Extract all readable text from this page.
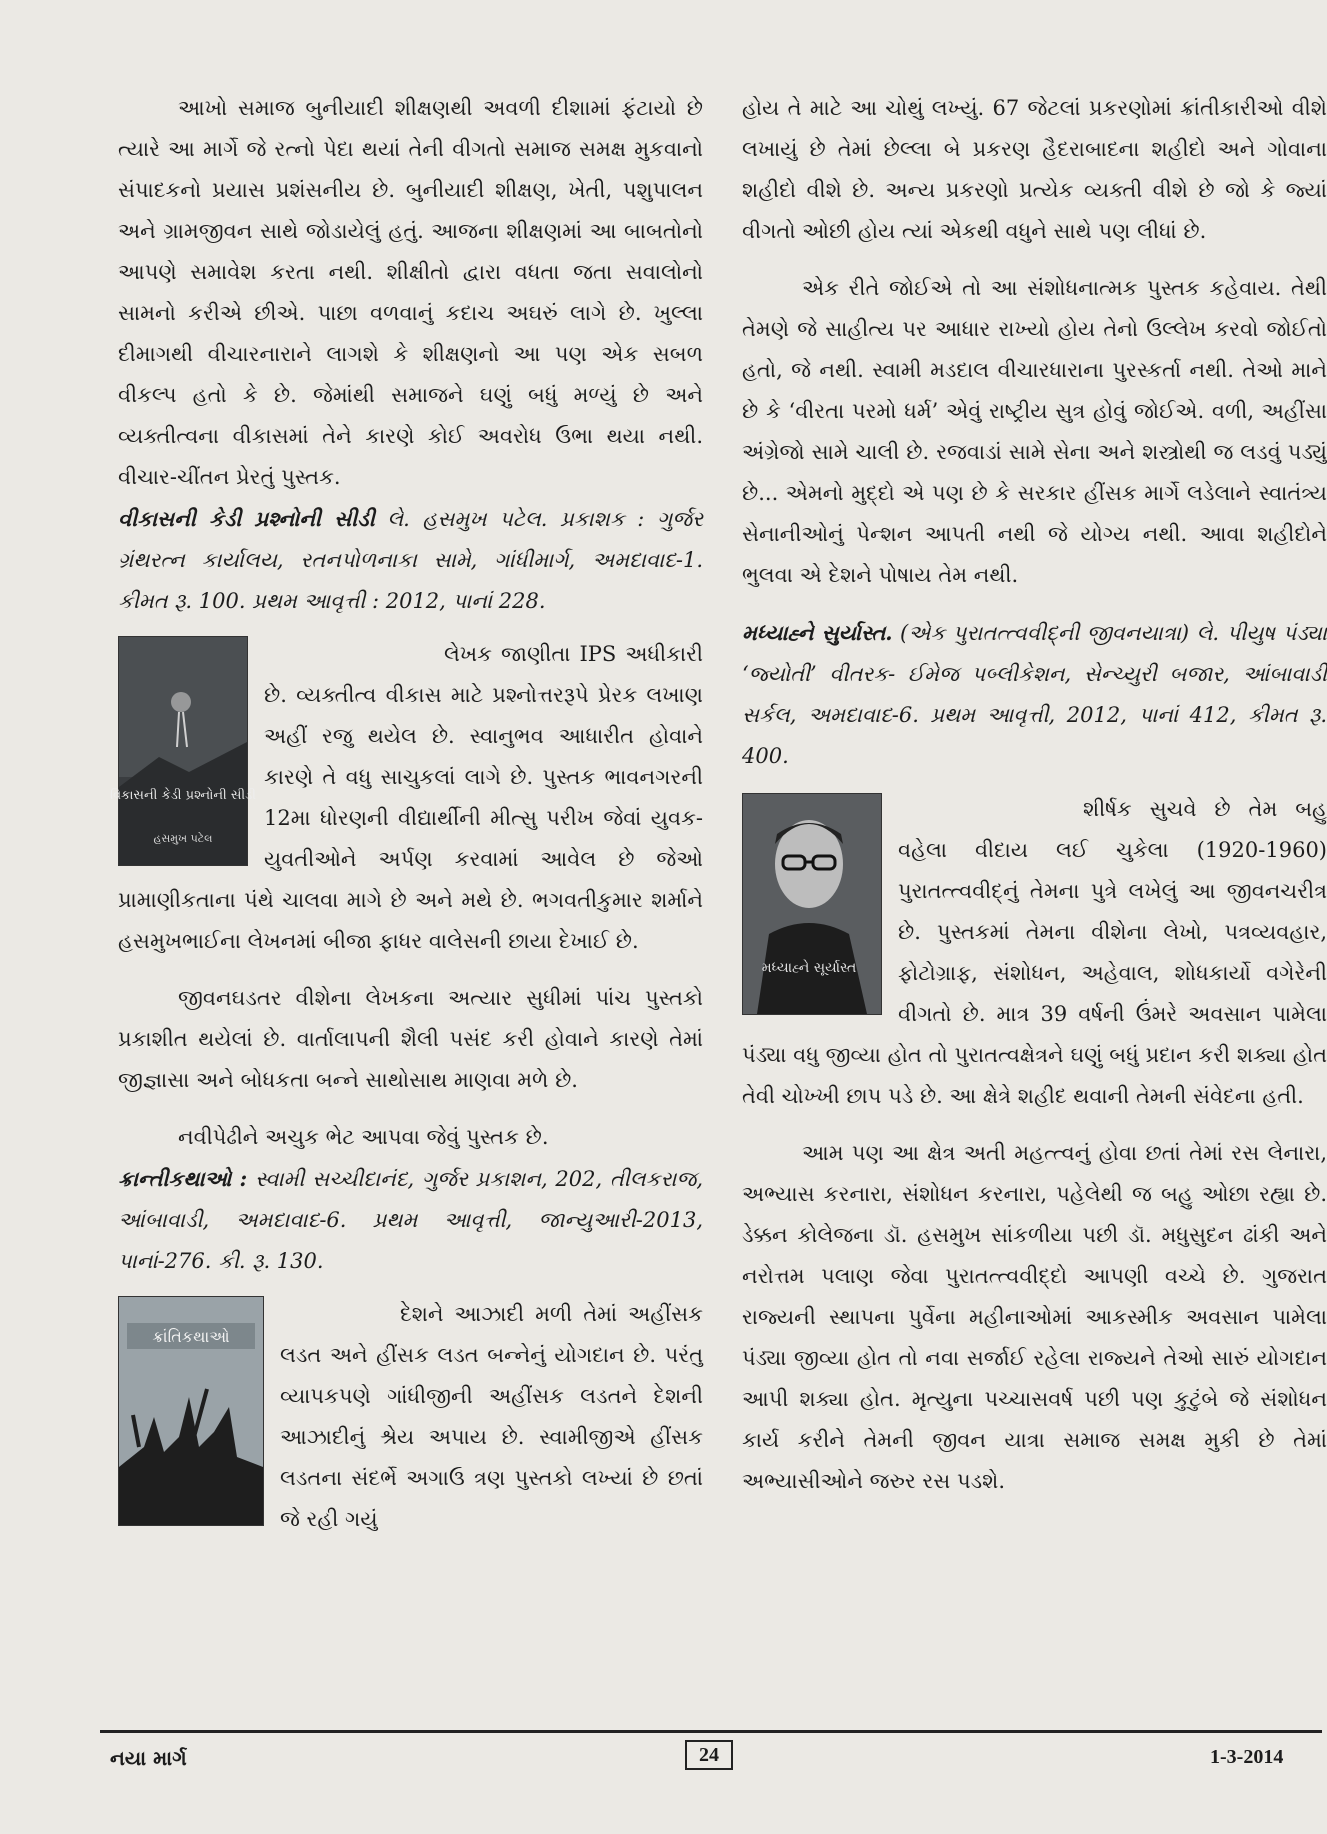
આખો સમાજ બુનીયાદી શીક્ષણથી અવળી દીશામાં ફંટાયો છે ત્યારે આ માર્ગે જે રત્નો પેદા થયાં તેની વીગતો સમાજ સમક્ષ મુકવાનો સંપાદકનો પ્રયાસ પ્રશંસનીય છે. બુનીયાદી શીક્ષણ, ખેતી, પશુપાલન અને ગ્રામજીવન સાથે જોડાયેલું હતું. આજના શીક્ષણમાં આ બાબતોનો આપણે સમાવેશ કરતા નથી. શીક્ષીતો દ્વારા વધતા જતા સવાલોનો સામનો કરીએ છીએ. પાછા વળવાનું કદાચ અઘરું લાગે છે. ખુલ્લા દીમાગથી વીચારનારાને લાગશે કે શીક્ષણનો આ પણ એક સબળ વીકલ્પ હતો કે છે. જેમાંથી સમાજને ઘણું બધું મળ્યું છે અને વ્યક્તીત્વના વીકાસમાં તેને કારણે કોઈ અવરોધ ઉભા થયા નથી. વીચાર-ચીંતન પ્રેરતું પુસ્તક.

વીકાસની કેડી પ્રશ્નોની સીડી લે. હસમુખ પટેલ. પ્રકાશક : ગુર્જર ગ્રંથરત્ન કાર્યાલય, રતનપોળનાકા સામે, ગાંધીમાર્ગ, અમદાવાદ-1. કીમત રૂ. 100. પ્રથમ આવૃત્તી : 2012, પાનાં 228.

વિકાસની કેડી પ્રશ્નોની સીડી
હસમુખ પટેલ

લેખક જાણીતા IPS અધીકારી છે. વ્યક્તીત્વ વીકાસ માટે પ્રશ્નોત્તરરૂપે પ્રેરક લખાણ અહીં રજુ થયેલ છે. સ્વાનુભવ આધારીત હોવાને કારણે તે વધુ સાચુકલાં લાગે છે. પુસ્તક ભાવનગરની 12મા ધોરણની વીદ્યાર્થીની મીત્સુ પરીખ જેવાં યુવક-યુવતીઓને અર્પણ કરવામાં આવેલ છે જેઓ પ્રામાણીકતાના પંથે ચાલવા માગે છે અને મથે છે. ભગવતીકુમાર શર્માને હસમુખભાઈના લેખનમાં બીજા ફાધર વાલેસની છાયા દેખાઈ છે.

જીવનઘડતર વીશેના લેખકના અત્યાર સુધીમાં પાંચ પુસ્તકો પ્રકાશીત થયેલાં છે. વાર્તાલાપની શૈલી પસંદ કરી હોવાને કારણે તેમાં જીજ્ઞાસા અને બોધકતા બન્ને સાથોસાથ માણવા મળે છે.

નવીપેઢીને અચુક ભેટ આપવા જેવું પુસ્તક છે.

ક્રાન્તીકથાઓ : સ્વામી સચ્ચીદાનંદ, ગુર્જર પ્રકાશન, 202, તીલકરાજ, આંબાવાડી, અમદાવાદ-6. પ્રથમ આવૃત્તી, જાન્યુઆરી-2013, પાનાં-276. કી. રૂ. 130.

ક્રાંતિકથાઓ

દેશને આઝાદી મળી તેમાં અહીંસક લડત અને હીંસક લડત બન્નેનું યોગદાન છે. પરંતુ વ્યાપકપણે ગાંધીજીની અહીંસક લડતને દેશની આઝાદીનું શ્રેય અપાય છે. સ્વામીજીએ હીંસક લડતના સંદર્ભે અગાઉ ત્રણ પુસ્તકો લખ્યાં છે છતાં જે રહી ગયું

હોય તે માટે આ ચોથું લખ્યું. 67 જેટલાં પ્રકરણોમાં ક્રાંતીકારીઓ વીશે લખાયું છે તેમાં છેલ્લા બે પ્રકરણ હૈદરાબાદના શહીદો અને ગોવાના શહીદો વીશે છે. અન્ય પ્રકરણો પ્રત્યેક વ્યક્તી વીશે છે જો કે જ્યાં વીગતો ઓછી હોય ત્યાં એકથી વધુને સાથે પણ લીધાં છે.

એક રીતે જોઈએ તો આ સંશોધનાત્મક પુસ્તક કહેવાય. તેથી તેમણે જે સાહીત્ય પર આધાર રાખ્યો હોય તેનો ઉલ્લેખ કરવો જોઈતો હતો, જે નથી. સ્વામી મડદાલ વીચારધારાના પુરસ્કર્તા નથી. તેઓ માને છે કે ‘વીરતા પરમો ધર્મ’ એવું રાષ્ટ્રીય સુત્ર હોવું જોઈએ. વળી, અહીંસા અંગ્રેજો સામે ચાલી છે. રજવાડાં સામે સેના અને શસ્ત્રોથી જ લડવું પડ્યું છે... એમનો મુદ્દો એ પણ છે કે સરકાર હીંસક માર્ગે લડેલાને સ્વાતંત્ર્ય સેનાનીઓનું પેન્શન આપતી નથી જે યોગ્ય નથી. આવા શહીદોને ભુલવા એ દેશને પોષાય તેમ નથી.

મધ્યાહ્ને સુર્યાસ્ત. (એક પુરાતત્ત્વવીદ્‌ની જીવનયાત્રા) લે. પીયુષ પંડ્યા ‘જ્યોતી’ વીતરક- ઈમેજ પબ્લીકેશન, સેન્ચ્યુરી બજાર, આંબાવાડી સર્કલ, અમદાવાદ-6. પ્રથમ આવૃત્તી, 2012, પાનાં 412, કીમત રૂ. 400.

મધ્યાહ્ને સૂર્યાસ્ત

શીર્ષક સુચવે છે તેમ બહુ વહેલા વીદાય લઈ ચુકેલા (1920-1960) પુરાતત્ત્વવીદ્‌નું તેમના પુત્રે લખેલું આ જીવનચરીત્ર છે. પુસ્તકમાં તેમના વીશેના લેખો, પત્રવ્યવહાર, ફોટોગ્રાફ, સંશોધન, અહેવાલ, શોધકાર્યો વગેરેની વીગતો છે. માત્ર 39 વર્ષની ઉંમરે અવસાન પામેલા પંડ્યા વધુ જીવ્યા હોત તો પુરાતત્વક્ષેત્રને ઘણું બધું પ્રદાન કરી શક્યા હોત તેવી ચોખ્ખી છાપ પડે છે. આ ક્ષેત્રે શહીદ થવાની તેમની સંવેદના હતી.

આમ પણ આ ક્ષેત્ર અતી મહત્ત્વનું હોવા છતાં તેમાં રસ લેનારા, અભ્યાસ કરનારા, સંશોધન કરનારા, પહેલેથી જ બહુ ઓછા રહ્યા છે. ડેક્કન કોલેજના ડૉ. હસમુખ સાંકળીયા પછી ડૉ. મધુસુદન ઢાંકી અને નરોત્તમ પલાણ જેવા પુરાતત્ત્વવીદ્દો આપણી વચ્ચે છે. ગુજરાત રાજ્યની સ્થાપના પુર્વેના મહીનાઓમાં આકસ્મીક અવસાન પામેલા પંડ્યા જીવ્યા હોત તો નવા સર્જાઈ રહેલા રાજ્યને તેઓ સારું યોગદાન આપી શક્યા હોત. મૃત્યુના પચ્ચાસવર્ષ પછી પણ કુટુંબે જે સંશોધન કાર્ય કરીને તેમની જીવન યાત્રા સમાજ સમક્ષ મુકી છે તેમાં અભ્યાસીઓને જરુર રસ પડશે.

નયા માર્ગ	24	1-3-2014
